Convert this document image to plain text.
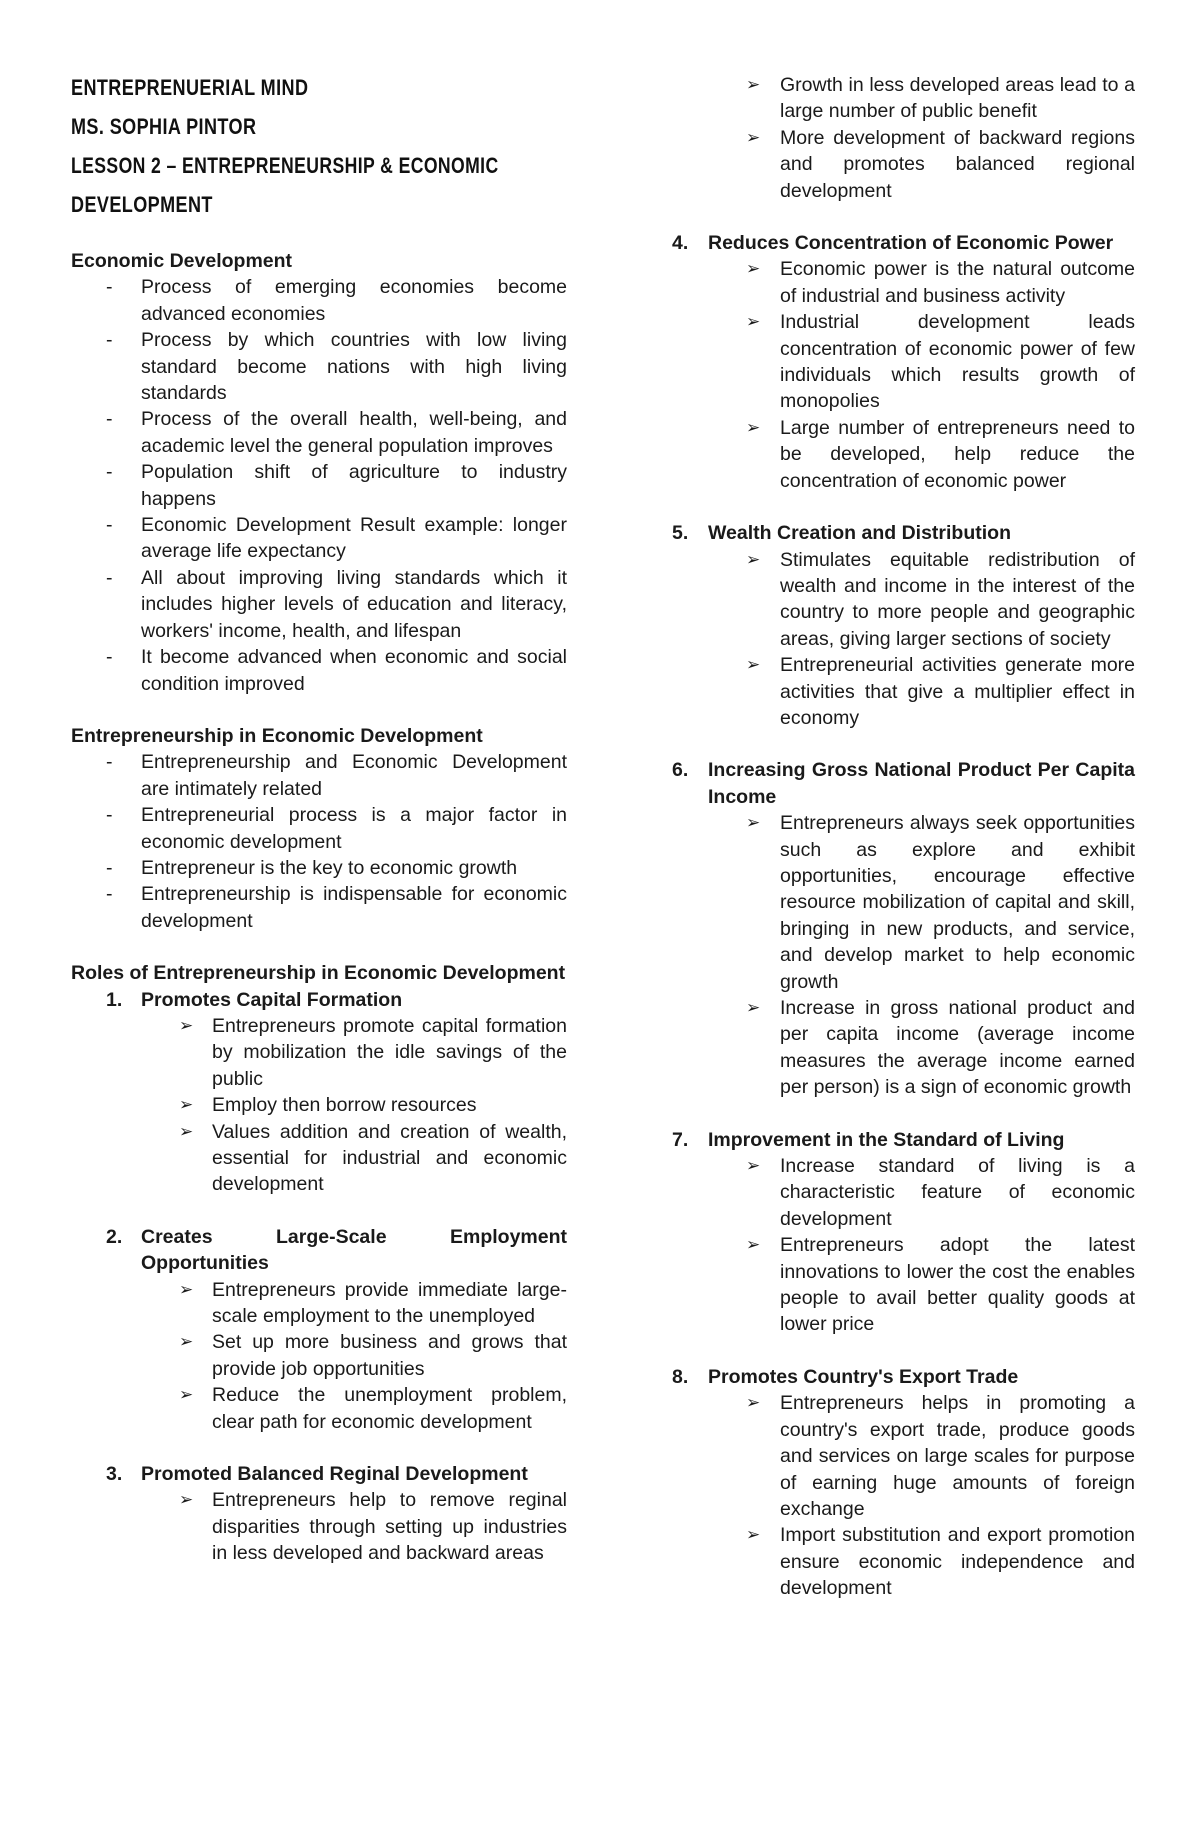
ENTREPRENUERIAL MIND
MS. SOPHIA PINTOR
LESSON 2 – ENTREPRENEURSHIP & ECONOMIC
DEVELOPMENT
Economic Development
- Process of emerging economies become advanced economies
- Process by which countries with low living standard become nations with high living standards
- Process of the overall health, well-being, and academic level the general population improves
- Population shift of agriculture to industry happens
- Economic Development Result example: longer average life expectancy
- All about improving living standards which it includes higher levels of education and literacy, workers' income, health, and lifespan
- It become advanced when economic and social condition improved
Entrepreneurship in Economic Development
- Entrepreneurship and Economic Development are intimately related
- Entrepreneurial process is a major factor in economic development
- Entrepreneur is the key to economic growth
- Entrepreneurship is indispensable for economic development
Roles of Entrepreneurship in Economic Development
1. Promotes Capital Formation
➢ Entrepreneurs promote capital formation by mobilization the idle savings of the public
➢ Employ then borrow resources
➢ Values addition and creation of wealth, essential for industrial and economic development
2. Creates Large-Scale Employment Opportunities
➢ Entrepreneurs provide immediate large-scale employment to the unemployed
➢ Set up more business and grows that provide job opportunities
➢ Reduce the unemployment problem, clear path for economic development
3. Promoted Balanced Reginal Development
➢ Entrepreneurs help to remove reginal disparities through setting up industries in less developed and backward areas
➢ Growth in less developed areas lead to a large number of public benefit
➢ More development of backward regions and promotes balanced regional development
4. Reduces Concentration of Economic Power
➢ Economic power is the natural outcome of industrial and business activity
➢ Industrial development leads concentration of economic power of few individuals which results growth of monopolies
➢ Large number of entrepreneurs need to be developed, help reduce the concentration of economic power
5. Wealth Creation and Distribution
➢ Stimulates equitable redistribution of wealth and income in the interest of the country to more people and geographic areas, giving larger sections of society
➢ Entrepreneurial activities generate more activities that give a multiplier effect in economy
6. Increasing Gross National Product Per Capita Income
➢ Entrepreneurs always seek opportunities such as explore and exhibit opportunities, encourage effective resource mobilization of capital and skill, bringing in new products, and service, and develop market to help economic growth
➢ Increase in gross national product and per capita income (average income measures the average income earned per person) is a sign of economic growth
7. Improvement in the Standard of Living
➢ Increase standard of living is a characteristic feature of economic development
➢ Entrepreneurs adopt the latest innovations to lower the cost the enables people to avail better quality goods at lower price
8. Promotes Country's Export Trade
➢ Entrepreneurs helps in promoting a country's export trade, produce goods and services on large scales for purpose of earning huge amounts of foreign exchange
➢ Import substitution and export promotion ensure economic independence and development
